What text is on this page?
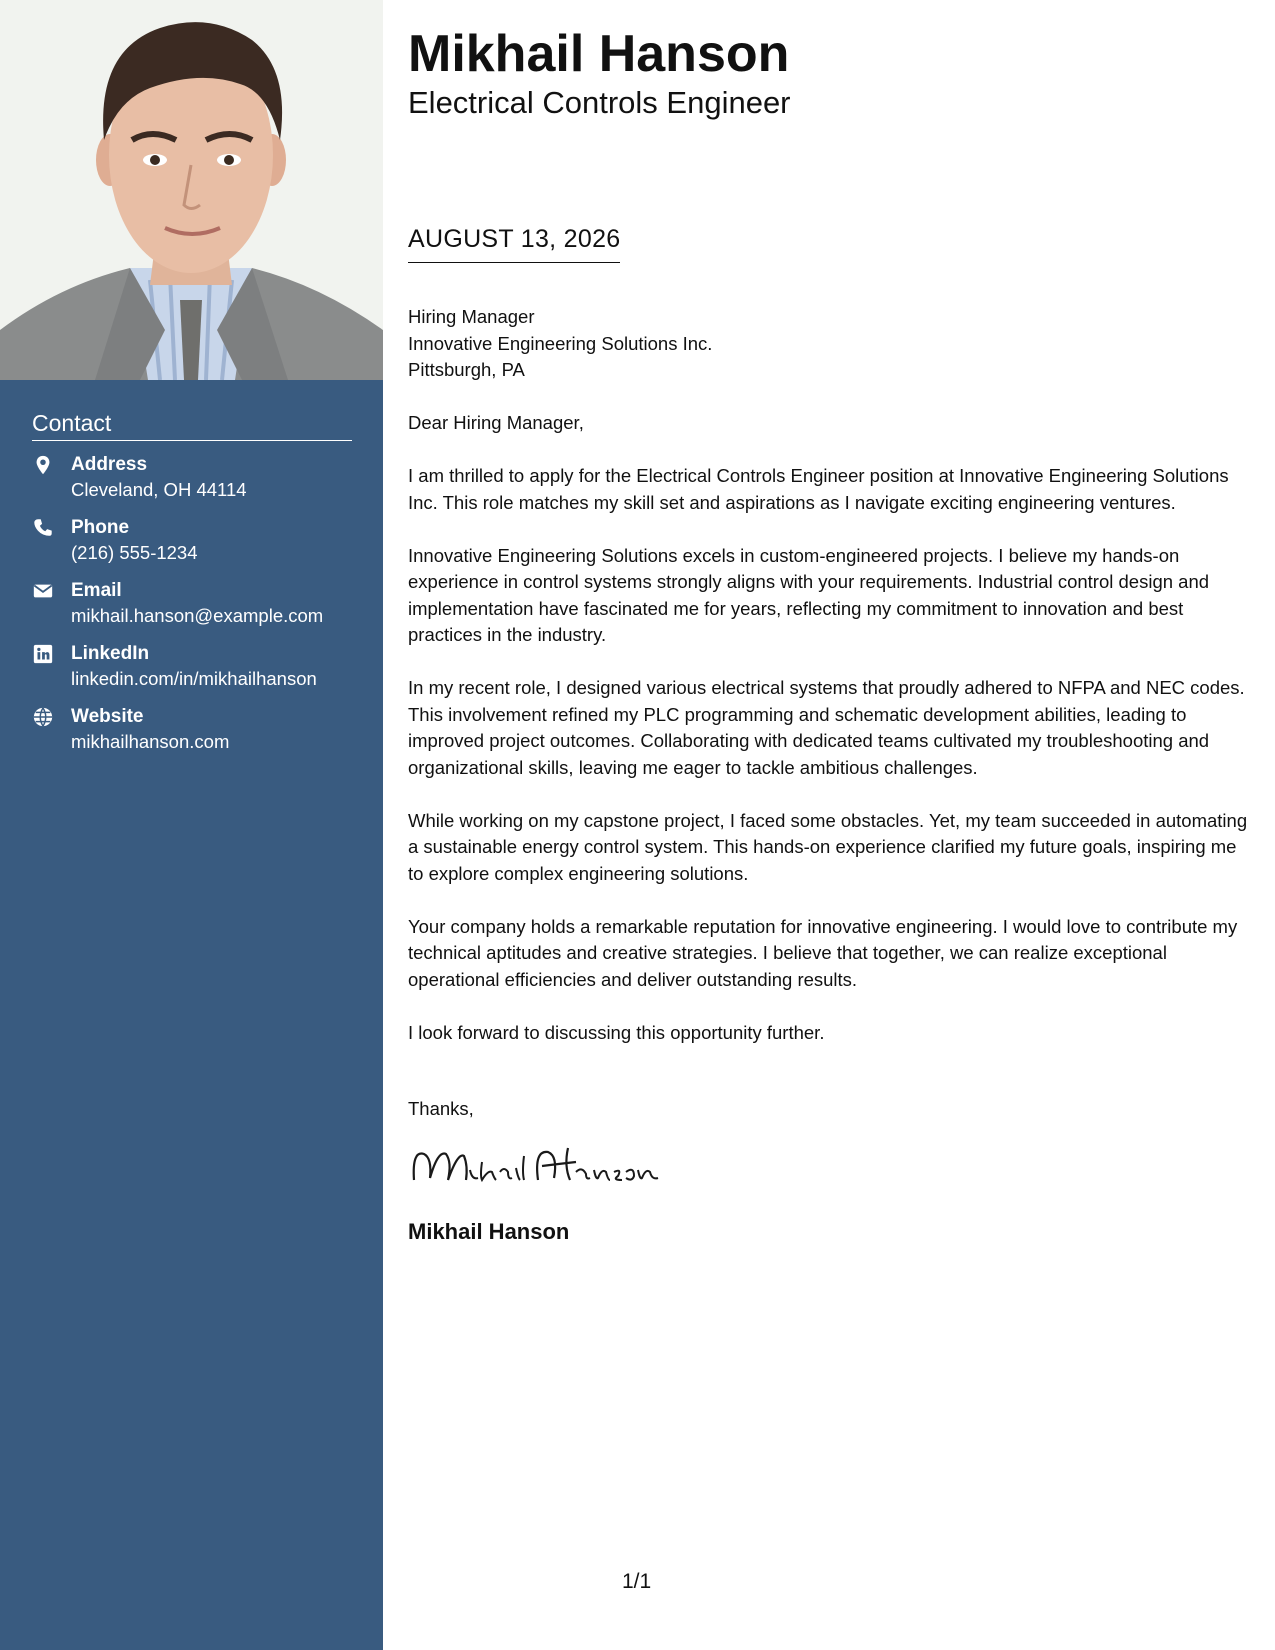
Contact
Address
Cleveland, OH 44114
Phone
(216) 555-1234
Email
mikhail.hanson@example.com
LinkedIn
linkedin.com/in/mikhailhanson
Website
mikhailhanson.com
Mikhail Hanson
Electrical Controls Engineer
AUGUST 13, 2026
Hiring Manager
Innovative Engineering Solutions Inc.
Pittsburgh, PA

Dear Hiring Manager,

I am thrilled to apply for the Electrical Controls Engineer position at Innovative Engineering Solutions Inc. This role matches my skill set and aspirations as I navigate exciting engineering ventures.

Innovative Engineering Solutions excels in custom-engineered projects. I believe my hands-on experience in control systems strongly aligns with your requirements. Industrial control design and implementation have fascinated me for years, reflecting my commitment to innovation and best practices in the industry.

In my recent role, I designed various electrical systems that proudly adhered to NFPA and NEC codes. This involvement refined my PLC programming and schematic development abilities, leading to improved project outcomes. Collaborating with dedicated teams cultivated my troubleshooting and organizational skills, leaving me eager to tackle ambitious challenges.

While working on my capstone project, I faced some obstacles. Yet, my team succeeded in automating a sustainable energy control system. This hands-on experience clarified my future goals, inspiring me to explore complex engineering solutions.

Your company holds a remarkable reputation for innovative engineering. I would love to contribute my technical aptitudes and creative strategies. I believe that together, we can realize exceptional operational efficiencies and deliver outstanding results.

I look forward to discussing this opportunity further.

Thanks,
Mikhail Hanson
1/1
